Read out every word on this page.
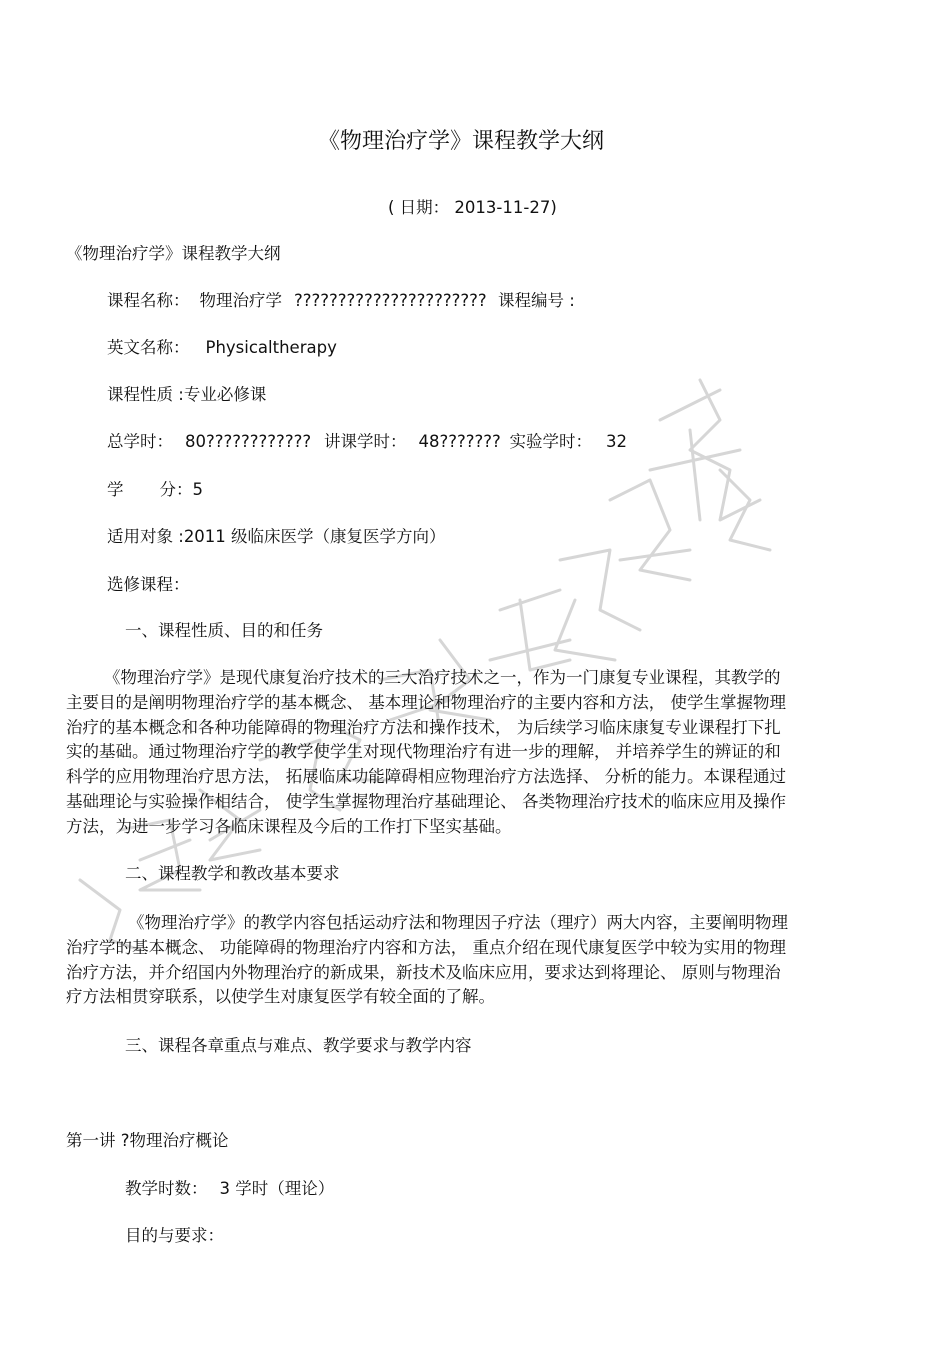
《物理治疗学》课程教学大纲
( 日期： 2013-11-27)
《物理治疗学》课程教学大纲
课程名称： 物理治疗学 ?????????????????????? 课程编号 :
英文名称： Physicaltherapy
课程性质 :专业必修课
总学时： 80???????????? 讲课学时： 48??????? 实验学时： 32
学 分：5
适用对象 :2011 级临床医学（康复医学方向）
选修课程：
一、课程性质、目的和任务
《物理治疗学》是现代康复治疗技术的三大治疗技术之一，作为一门康复专业课程，其教学的
主要目的是阐明物理治疗学的基本概念、 基本理论和物理治疗的主要内容和方法， 使学生掌握物理
治疗的基本概念和各种功能障碍的物理治疗方法和操作技术， 为后续学习临床康复专业课程打下扎
实的基础。通过物理治疗学的教学使学生对现代物理治疗有进一步的理解， 并培养学生的辨证的和
科学的应用物理治疗思方法， 拓展临床功能障碍相应物理治疗方法选择、 分析的能力。本课程通过
基础理论与实验操作相结合， 使学生掌握物理治疗基础理论、 各类物理治疗技术的临床应用及操作
方法，为进一步学习各临床课程及今后的工作打下坚实基础。
二、课程教学和教改基本要求
《物理治疗学》的教学内容包括运动疗法和物理因子疗法（理疗）两大内容，主要阐明物理
治疗学的基本概念、 功能障碍的物理治疗内容和方法， 重点介绍在现代康复医学中较为实用的物理
治疗方法，并介绍国内外物理治疗的新成果，新技术及临床应用，要求达到将理论、 原则与物理治
疗方法相贯穿联系，以使学生对康复医学有较全面的了解。
三、课程各章重点与难点、教学要求与教学内容
第一讲 ?物理治疗概论
教学时数： 3 学时（理论）
目的与要求：
